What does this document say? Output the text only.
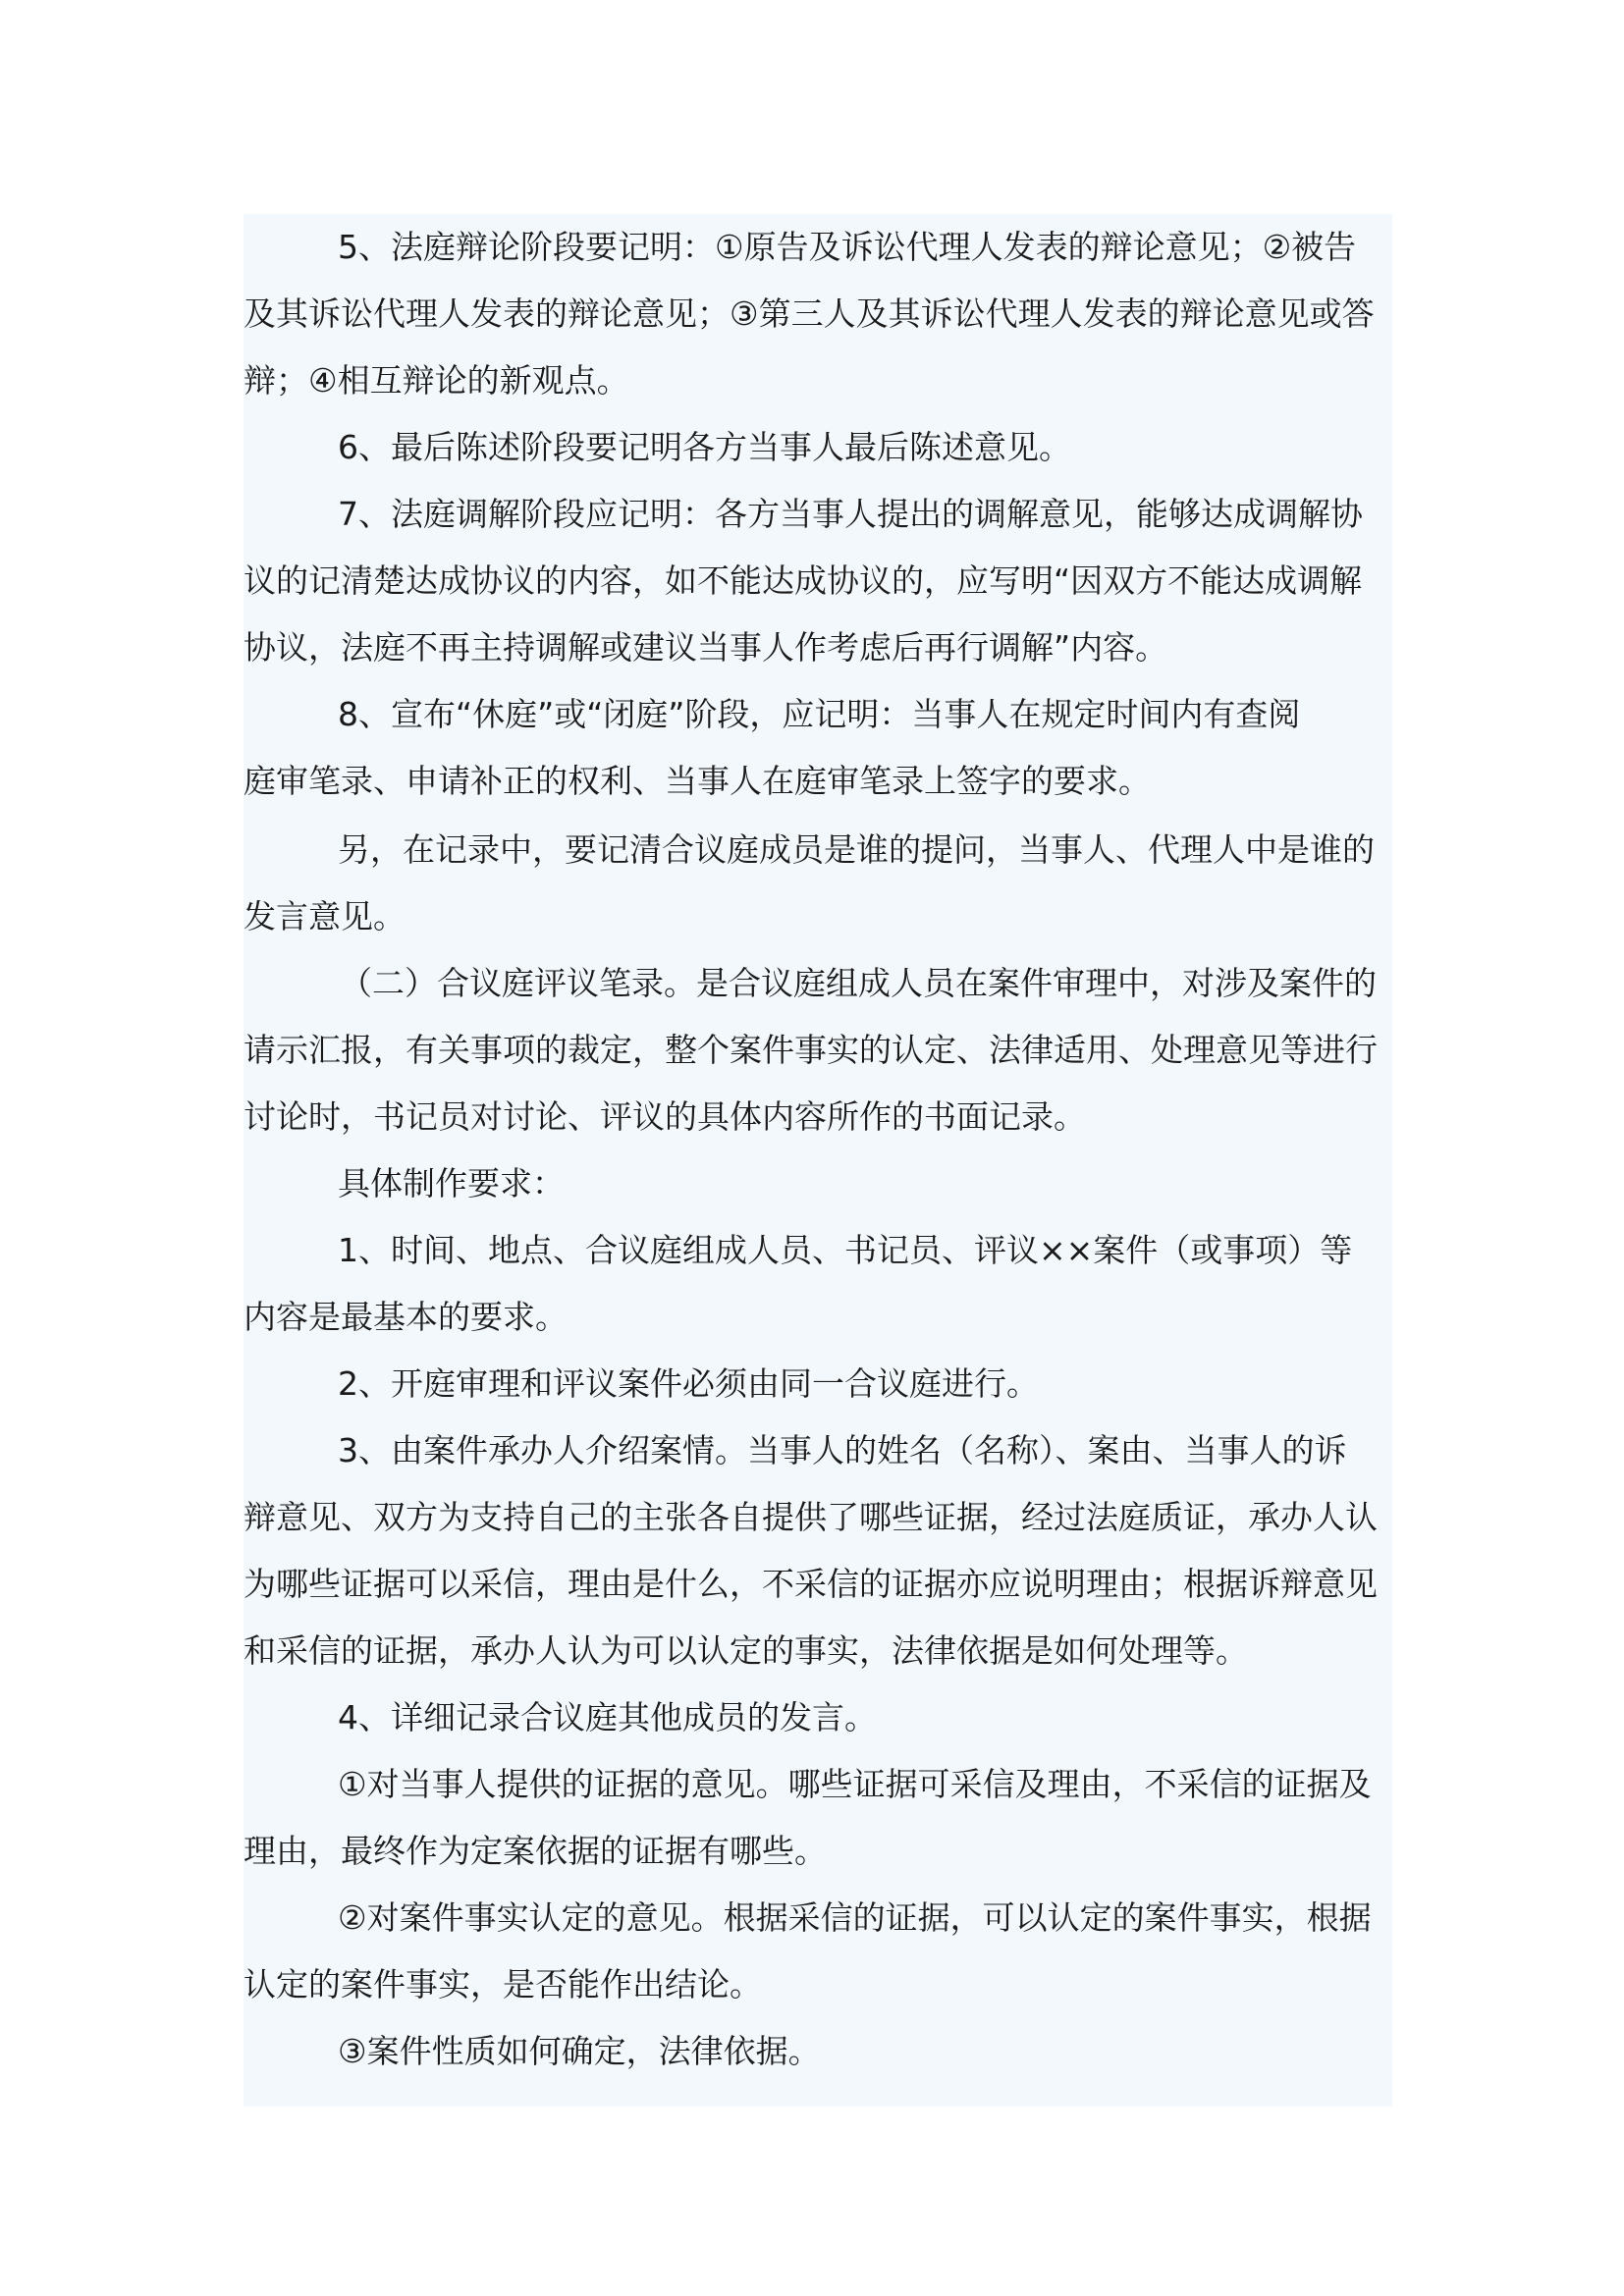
5、法庭辩论阶段要记明：①原告及诉讼代理人发表的辩论意见；②被告
及其诉讼代理人发表的辩论意见；③第三人及其诉讼代理人发表的辩论意见或答
辩；④相互辩论的新观点。
6、最后陈述阶段要记明各方当事人最后陈述意见。
7、法庭调解阶段应记明：各方当事人提出的调解意见，能够达成调解协
议的记清楚达成协议的内容，如不能达成协议的，应写明“因双方不能达成调解
协议，法庭不再主持调解或建议当事人作考虑后再行调解”内容。
8、宣布“休庭”或“闭庭”阶段，应记明：当事人在规定时间内有查阅
庭审笔录、申请补正的权利、当事人在庭审笔录上签字的要求。
另，在记录中，要记清合议庭成员是谁的提问，当事人、代理人中是谁的
发言意见。
（二）合议庭评议笔录。是合议庭组成人员在案件审理中，对涉及案件的
请示汇报，有关事项的裁定，整个案件事实的认定、法律适用、处理意见等进行
讨论时，书记员对讨论、评议的具体内容所作的书面记录。
具体制作要求：
1、时间、地点、合议庭组成人员、书记员、评议××案件（或事项）等
内容是最基本的要求。
2、开庭审理和评议案件必须由同一合议庭进行。
3、由案件承办人介绍案情。当事人的姓名（名称）、案由、当事人的诉
辩意见、双方为支持自己的主张各自提供了哪些证据，经过法庭质证，承办人认
为哪些证据可以采信，理由是什么，不采信的证据亦应说明理由；根据诉辩意见
和采信的证据，承办人认为可以认定的事实，法律依据是如何处理等。
4、详细记录合议庭其他成员的发言。
①对当事人提供的证据的意见。哪些证据可采信及理由，不采信的证据及
理由，最终作为定案依据的证据有哪些。
②对案件事实认定的意见。根据采信的证据，可以认定的案件事实，根据
认定的案件事实，是否能作出结论。
③案件性质如何确定，法律依据。
